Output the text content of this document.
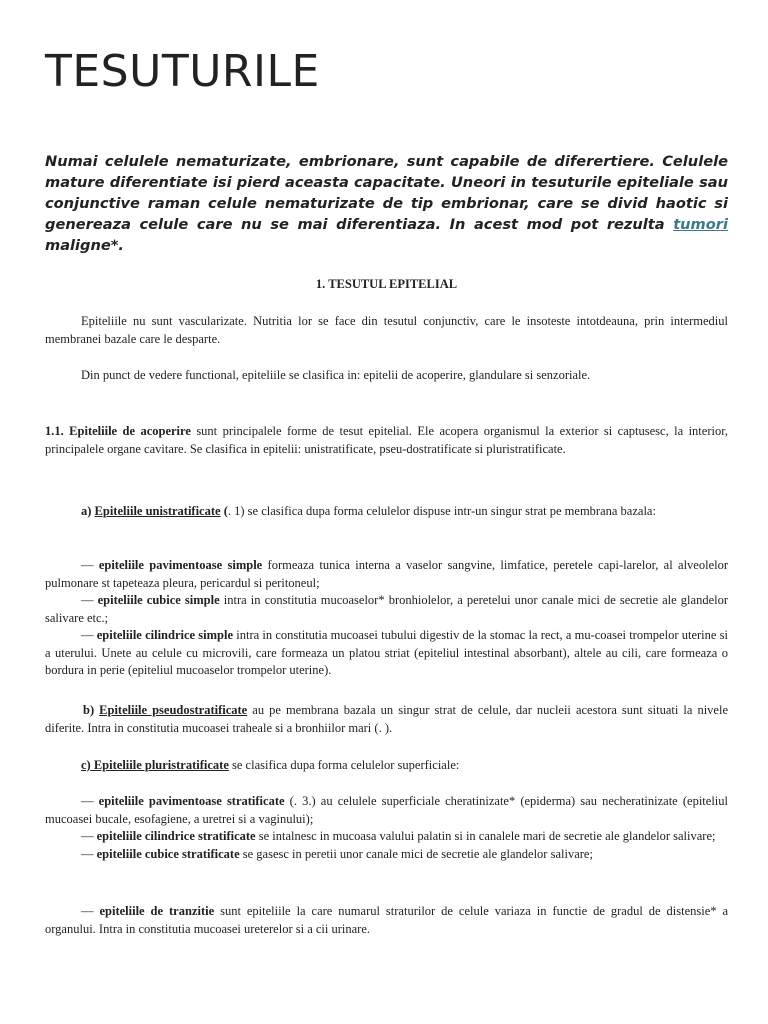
TESUTURILE

Numai celulele nematurizate, embrionare, sunt capabile de diferertiere. Celulele mature diferentiate isi pierd aceasta capacitate. Uneori in tesuturile epiteliale sau conjunctive raman celule nematurizate de tip embrionar, care se divid haotic si genereaza celule care nu se mai diferentiaza. In acest mod pot rezulta tumori maligne*.

1. TESUTUL EPITELIAL

Epiteliile nu sunt vascularizate. Nutritia lor se face din tesutul conjunctiv, care le insoteste intotdeauna, prin intermediul membranei bazale care le desparte.

Din punct de vedere functional, epiteliile se clasifica in: epitelii de acoperire, glandulare si senzoriale.

1.1. Epiteliile de acoperire sunt principalele forme de tesut epitelial. Ele acopera organismul la exterior si captusesc, la interior, principalele organe cavitare. Se clasifica in epitelii: unistratificate, pseu-dostratificate si pluristratificate.

a) Epiteliile unistratificate (. 1) se clasifica dupa forma celulelor dispuse intr-un singur strat pe membrana bazala:

— epiteliile pavimentoase simple formeaza tunica interna a vaselor sangvine, limfatice, peretele capi-larelor, al alveolelor pulmonare st tapeteaza pleura, pericardul si peritoneul;

— epiteliile cubice simple intra in constitutia mucoaselor* bronhiolelor, a peretelui unor canale mici de secretie ale glandelor salivare etc.;

— epiteliile cilindrice simple intra in constitutia mucoasei tubului digestiv de la stomac la rect, a mu-coasei trompelor uterine si a uterului. Unete au celule cu microvili, care formeaza un platou striat (epiteliul intestinal absorbant), altele au cili, care formeaza o bordura in perie (epiteliul mucoaselor trompelor uterine).

b) Epiteliile pseudostratificate au pe membrana bazala un singur strat de celule, dar nucleii acestora sunt situati la nivele diferite. Intra in constitutia mucoasei traheale si a bronhiilor mari (. ).

c) Epiteliile pluristratificate se clasifica dupa forma celulelor superficiale:

— epiteliile pavimentoase stratificate (. 3.) au celulele superficiale cheratinizate* (epiderma) sau necheratinizate (epiteliul mucoasei bucale, esofagiene, a uretrei si a vaginului);

— epiteliile cilindrice stratificate se intalnesc in mucoasa valului palatin si in canalele mari de secretie ale glandelor salivare;

— epiteliile cubice stratificate se gasesc in peretii unor canale mici de secretie ale glandelor salivare;

— epiteliile de tranzitie sunt epiteliile la care numarul straturilor de celule variaza in functie de gradul de distensie* a organului. Intra in constitutia mucoasei ureterelor si a cii urinare.
